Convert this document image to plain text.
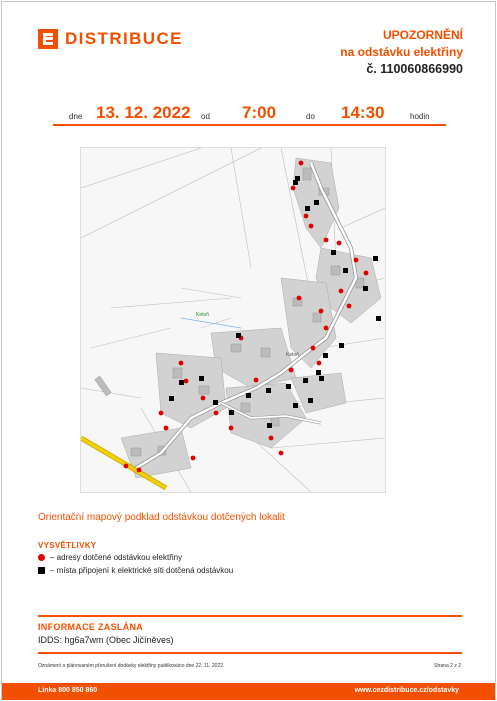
DISTRIBUCE	UPOZORNĚNÍ
na odstávku elektřiny
č. 110060866990
dne 13. 12. 2022 od 7:00	do 14:30	hodin
Ketoň
Ketoň
Orientační mapový podklad odstávkou dotčených lokalit
VYSVĚTLIVKY
– adresy dotčené odstávkou elektřiny
– místa připojení k elektrické síti dotčená odstávkou
INFORMACE ZASLÁNA
IDDS: hg6a7wm (Obec Jičíněves)
Oznámení o plánovaném přerušení dodávky elektřiny publikováno dne 22. 11. 2022.	Strana 2 z 2
Linka 800 850 860	www.cezdistribuce.cz/odstavky
